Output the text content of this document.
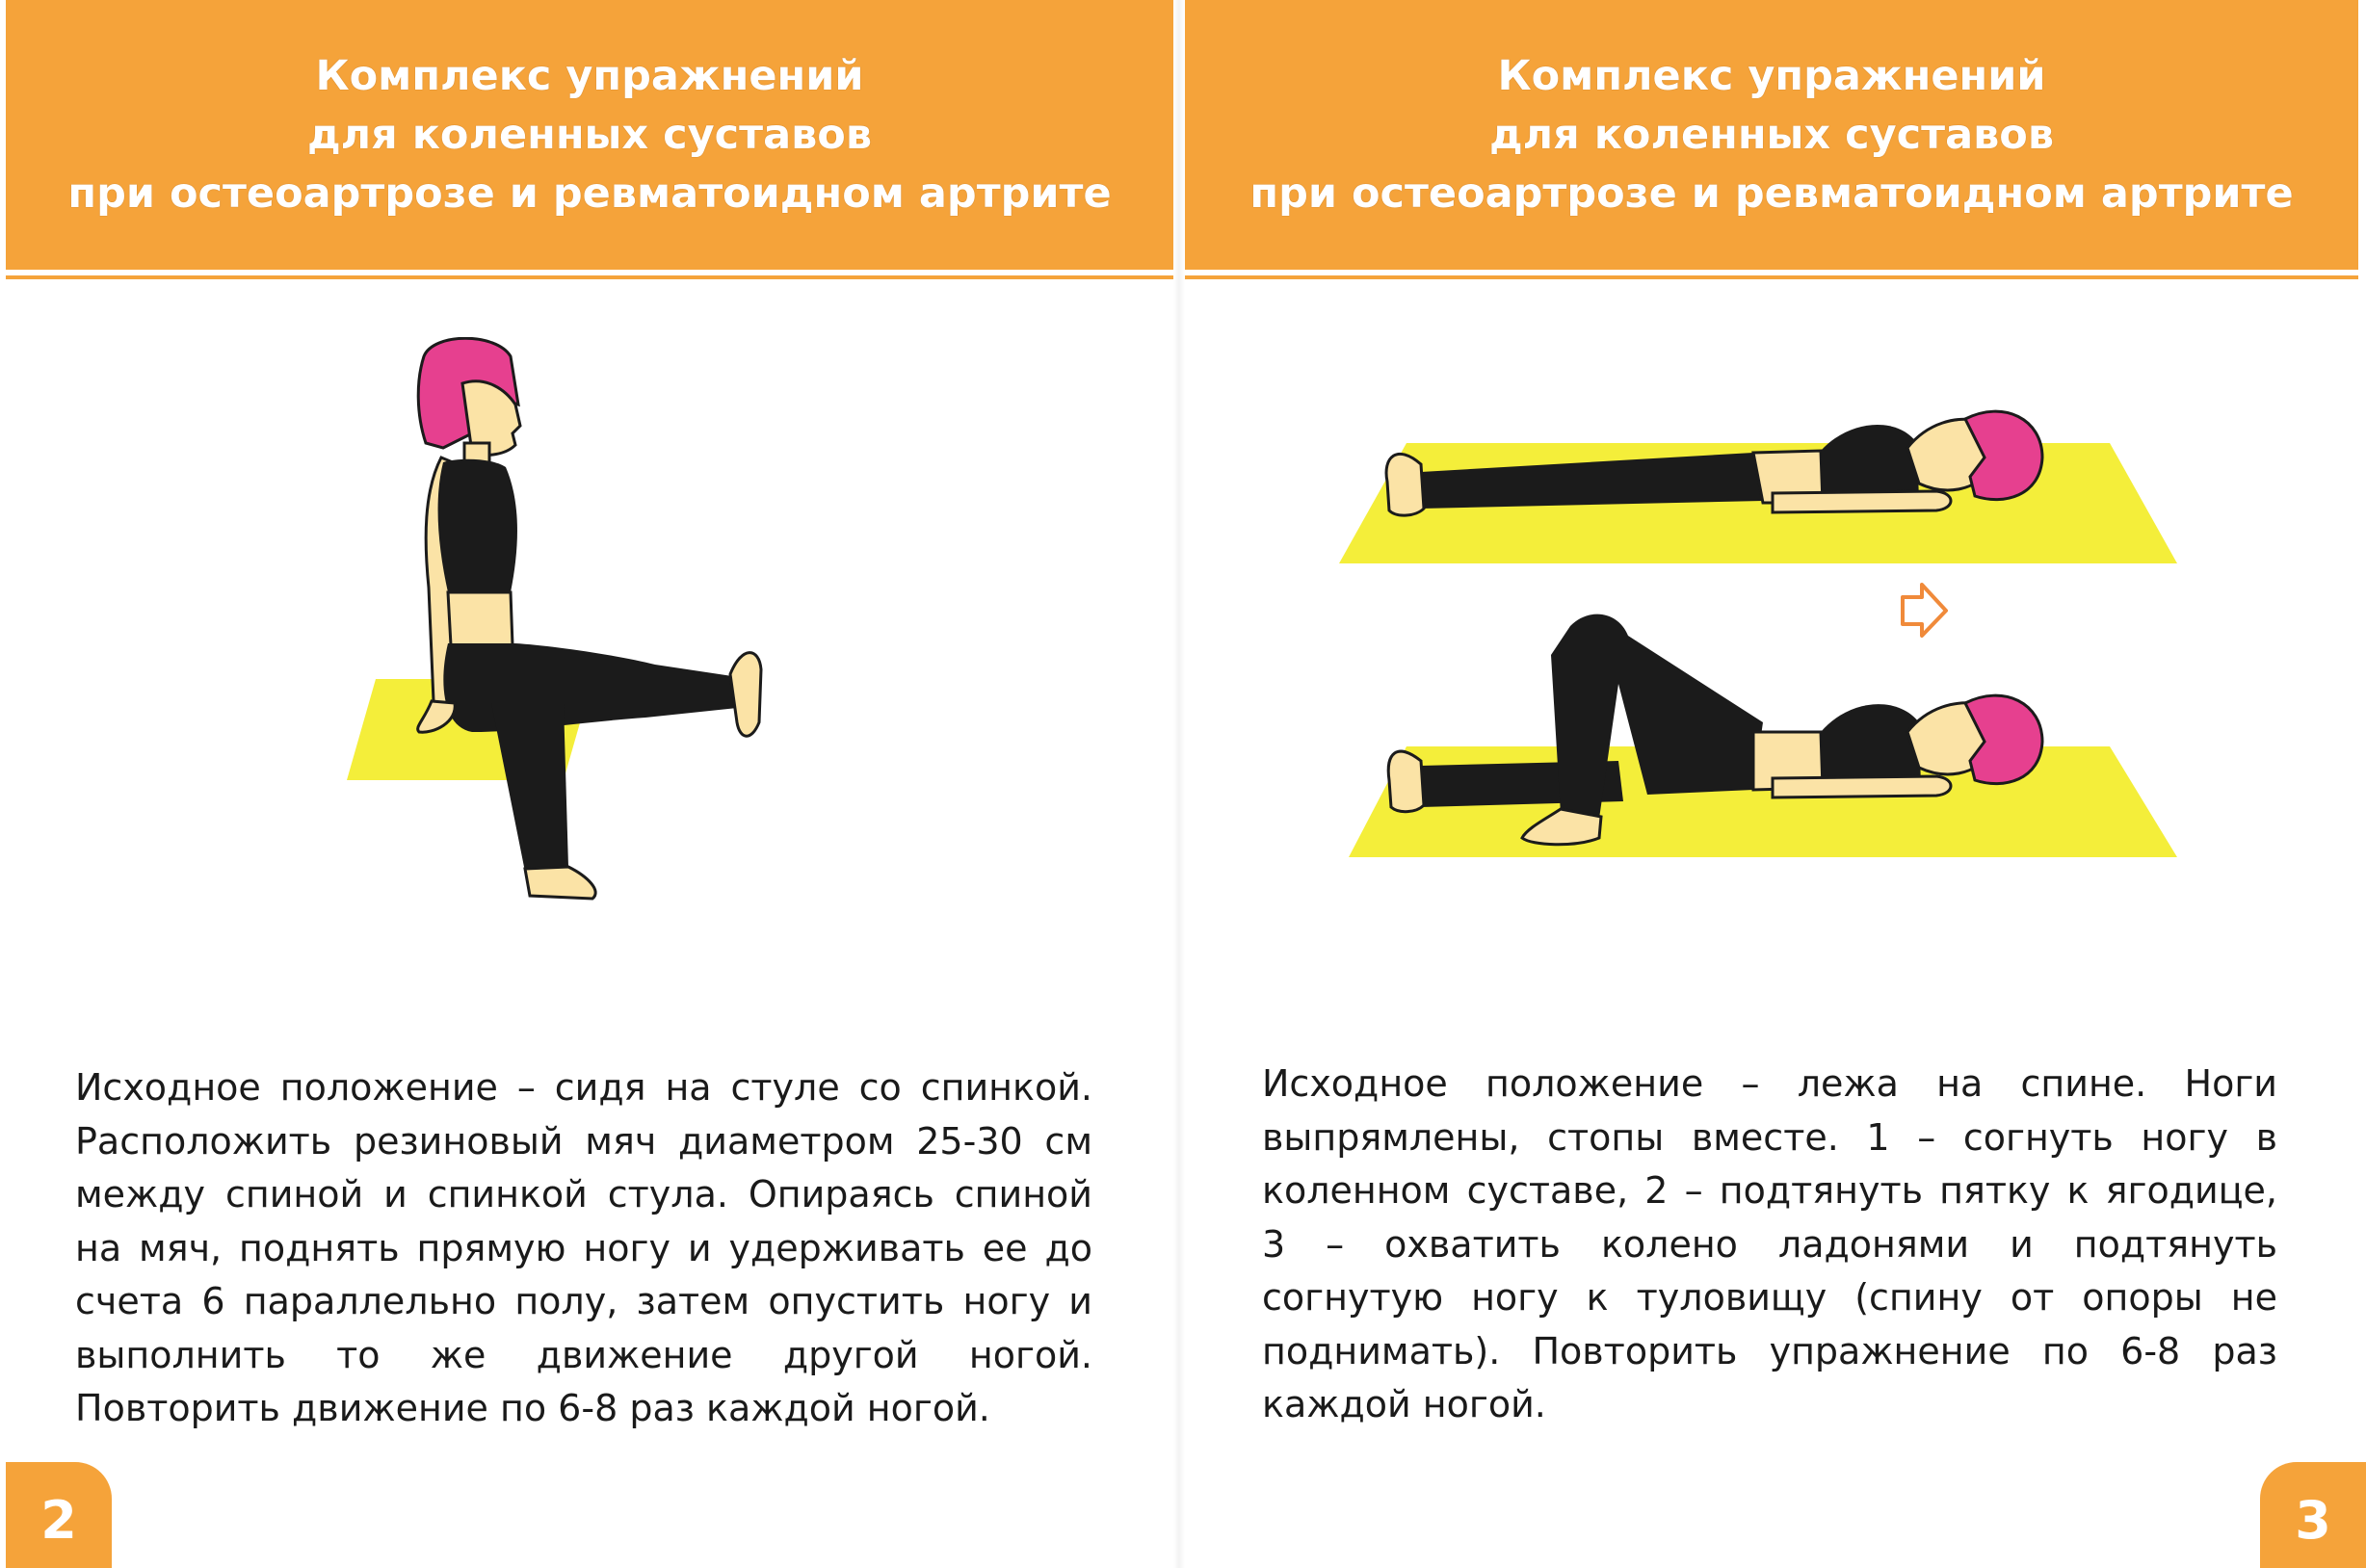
Комплекс упражнений
для коленных суставов
при остеоартрозе и ревматоидном артрите

Исходное положение – сидя на стуле со спинкой. Расположить резиновый мяч диаметром 25-30 см между спиной и спинкой стула. Опираясь спиной на мяч, поднять прямую ногу и удерживать ее до счета 6 параллельно полу, затем опустить ногу и выполнить то же движение другой ногой. Повторить движение по 6-8 раз каждой ногой.

2
Комплекс упражнений
для коленных суставов
при остеоартрозе и ревматоидном артрите

Исходное положение – лежа на спине. Ноги выпрямлены, стопы вместе. 1 – согнуть ногу в коленном суставе, 2 – подтянуть пятку к ягодице, 3 – охватить колено ладонями и подтянуть согнутую ногу к туловищу (спину от опоры не поднимать). Повторить упражнение по 6-8 раз каждой ногой.

3
